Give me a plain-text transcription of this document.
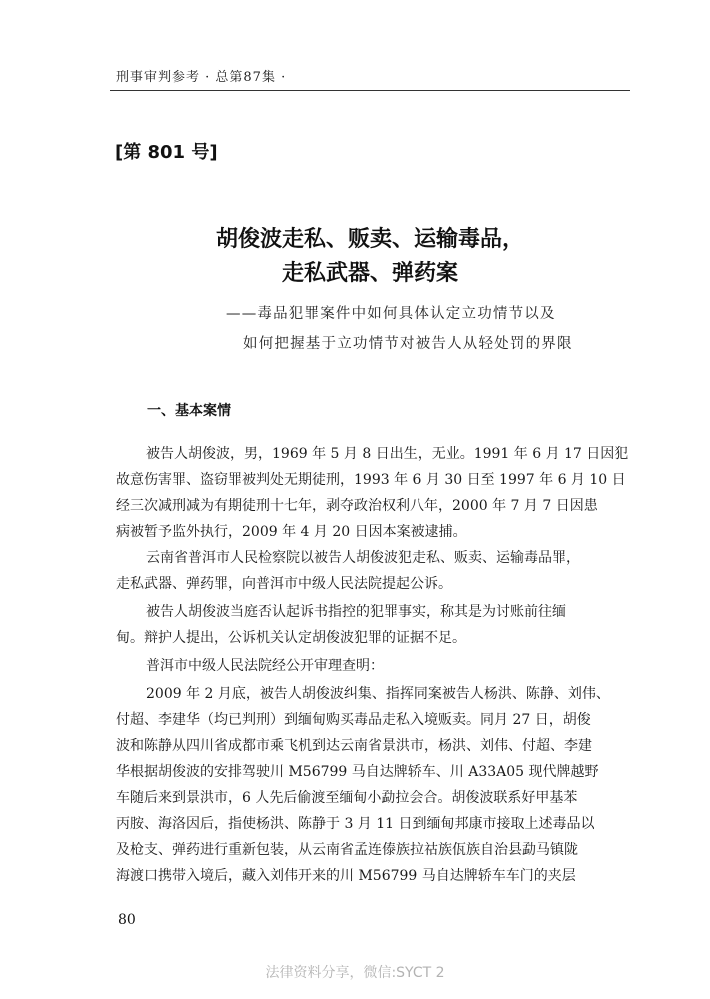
刑事审判参考 · 总第87集 ·
[第 801 号]
胡俊波走私、贩卖、运输毒品，
走私武器、弹药案
——毒品犯罪案件中如何具体认定立功情节以及
如何把握基于立功情节对被告人从轻处罚的界限
一、基本案情
被告人胡俊波，男，1969 年 5 月 8 日出生，无业。1991 年 6 月 17 日因犯
故意伤害罪、盗窃罪被判处无期徒刑，1993 年 6 月 30 日至 1997 年 6 月 10 日
经三次减刑减为有期徒刑十七年，剥夺政治权利八年，2000 年 7 月 7 日因患
病被暂予监外执行，2009 年 4 月 20 日因本案被逮捕。
云南省普洱市人民检察院以被告人胡俊波犯走私、贩卖、运输毒品罪，
走私武器、弹药罪，向普洱市中级人民法院提起公诉。
被告人胡俊波当庭否认起诉书指控的犯罪事实，称其是为讨账前往缅
甸。辩护人提出，公诉机关认定胡俊波犯罪的证据不足。
普洱市中级人民法院经公开审理查明：
2009 年 2 月底，被告人胡俊波纠集、指挥同案被告人杨洪、陈静、刘伟、
付超、李建华（均已判刑）到缅甸购买毒品走私入境贩卖。同月 27 日，胡俊
波和陈静从四川省成都市乘飞机到达云南省景洪市，杨洪、刘伟、付超、李建
华根据胡俊波的安排驾驶川 M56799 马自达牌轿车、川 A33A05 现代牌越野
车随后来到景洪市，6 人先后偷渡至缅甸小勐拉会合。胡俊波联系好甲基苯
丙胺、海洛因后，指使杨洪、陈静于 3 月 11 日到缅甸邦康市接取上述毒品以
及枪支、弹药进行重新包装，从云南省孟连傣族拉祜族佤族自治县勐马镇陇
海渡口携带入境后，藏入刘伟开来的川 M56799 马自达牌轿车车门的夹层
80
法律资料分享，微信:SYCT 2
